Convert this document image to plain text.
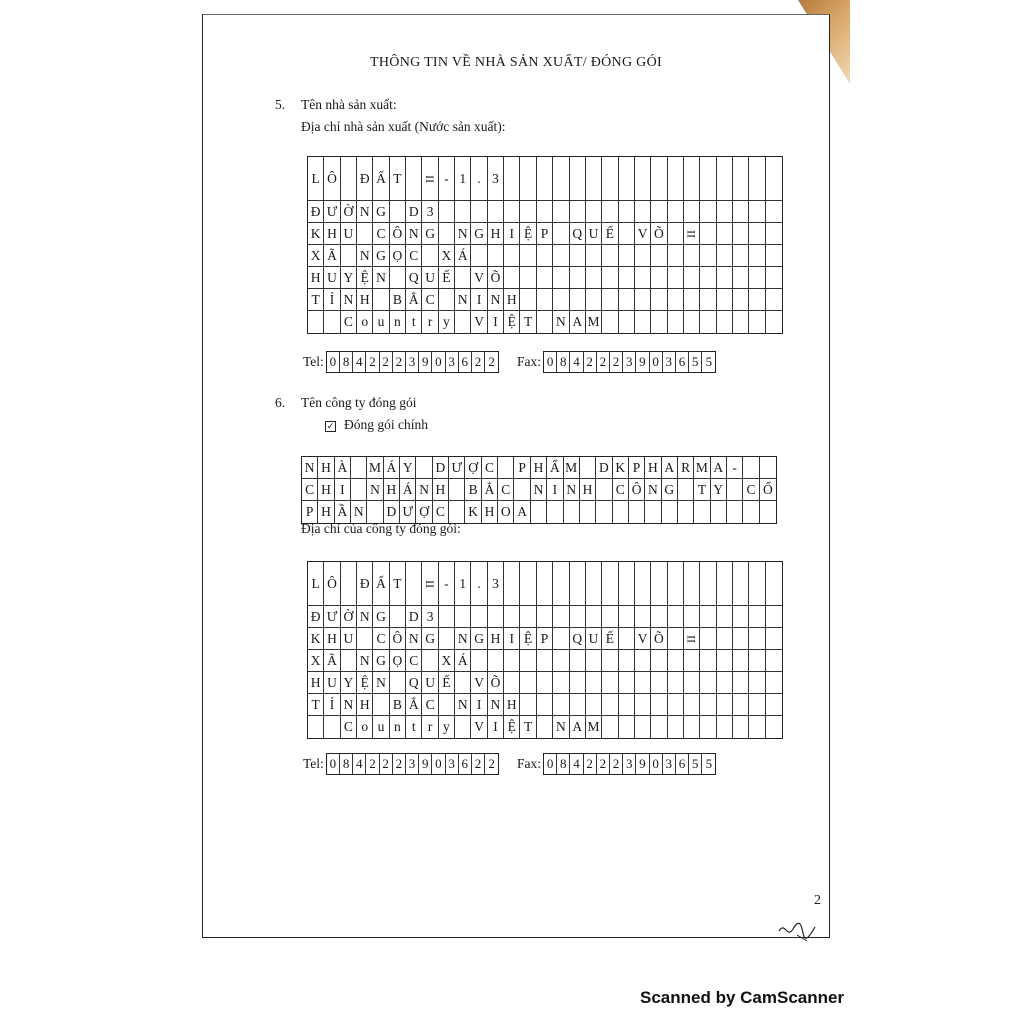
THÔNG TIN VỀ NHÀ SẢN XUẤT/ ĐÓNG GÓI
5. Tên nhà sản xuất:
Địa chỉ nhà sản xuất (Nước sản xuất):
L Ô Đ Ấ T	II - 1 . 3
Đ Ư Ờ N G D 3
K H U C Ô N G N G H I Ệ P	Q U Ế	V Õ	II
X Ã N G Ọ C	X Á
H U Y Ệ N Q U Ế	V Õ
T Ỉ N H B Ắ C	N I N H
C o u n t r y	V I Ệ T	N A M
Tel: 0 8 4 2 2 2 3 9 0 3 6 2 2 Fax: 0 8 4 2 2 2 3 9 0 3 6 5 5
6. Tên công ty đóng gói
✓ Đóng gói chính
N H À M Á Y D Ư Ợ C	P H Ẩ M D K P H A R M A -
C H I	N H Á N H B Ắ C	N I N H C Ô N G T Y C Ổ
P H Ầ N D Ư Ợ C	K H O A
Địa chỉ của công ty đóng gói:
L Ô Đ Ấ T	II - 1 . 3
Đ Ư Ờ N G D 3
K H U C Ô N G N G H I Ệ P	Q U Ế	V Õ	II
X Ã N G Ọ C	X Á
H U Y Ệ N Q U Ế	V Õ
T Ỉ N H B Ắ C	N I N H
C o u n t r y	V I Ệ T	N A M
Tel: 0 8 4 2 2 2 3 9 0 3 6 2 2 Fax: 0 8 4 2 2 2 3 9 0 3 6 5 5
2
Scanned by CamScanner
